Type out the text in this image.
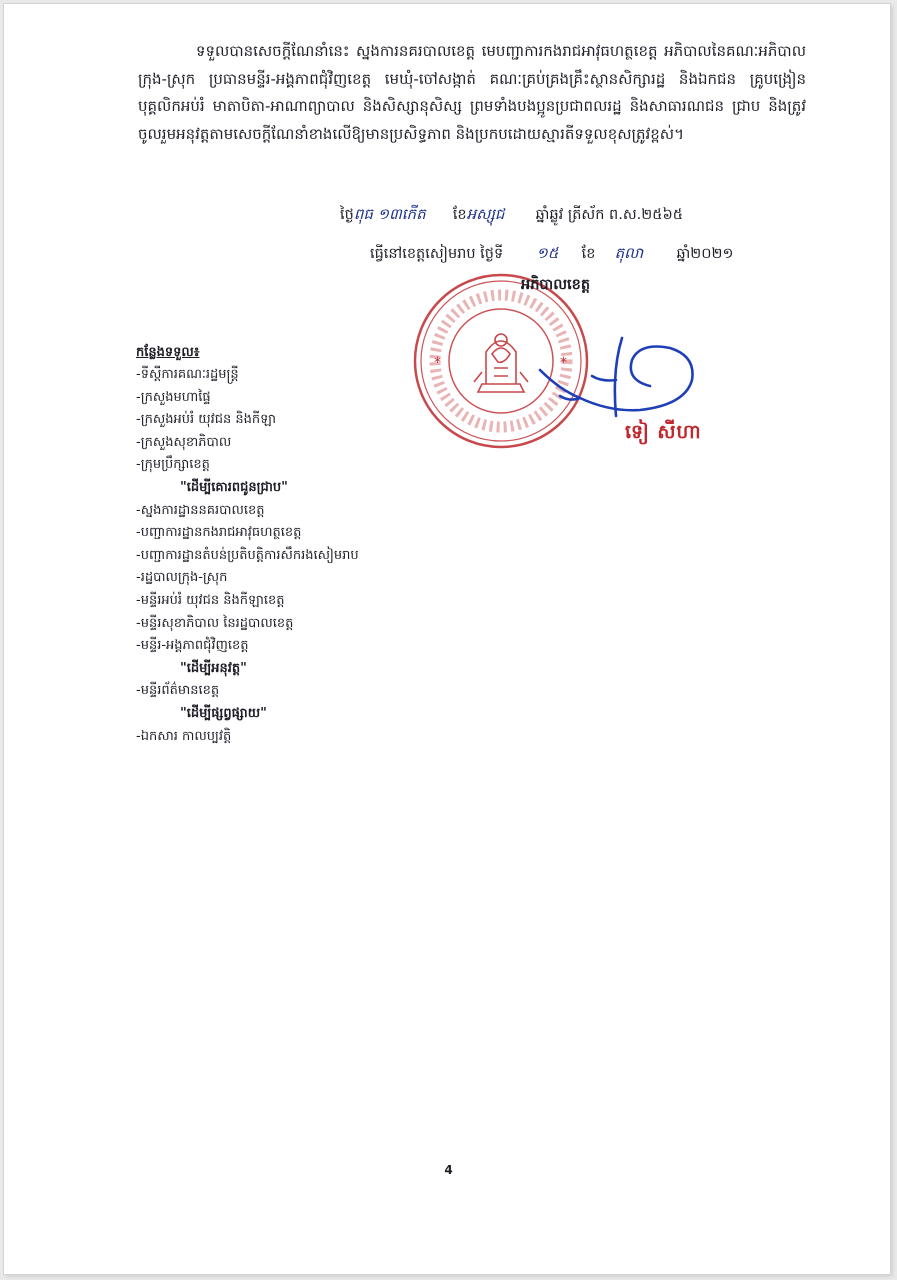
ទទួលបានសេចក្តីណែនាំនេះ ស្នងការនគរបាលខេត្ត មេបញ្ជាការកងរាជអាវុធហត្ថខេត្ត អភិបាលនៃគណៈអភិបាលក្រុង-ស្រុក ប្រធានមន្ទីរ-អង្គភាពជុំវិញខេត្ត មេឃុំ-ចៅសង្កាត់ គណៈគ្រប់គ្រងគ្រឹះស្ថានសិក្សារដ្ឋ និងឯកជន គ្រូបង្រៀន បុគ្គលិកអប់រំ មាតាបិតា-អាណាព្យាបាល និងសិស្សានុសិស្ស ព្រមទាំងបងប្អូនប្រជាពលរដ្ឋ និងសាធារណជន ជ្រាប និងត្រូវចូលរួមអនុវត្តតាមសេចក្តីណែនាំខាងលើឱ្យមានប្រសិទ្ធភាព និងប្រកបដោយស្មារតីទទួលខុសត្រូវខ្ពស់។
ថ្ងៃពុធ ១៣កើត ខែអស្សុជ ឆ្នាំឆ្លូវ ត្រីស័ក ព.ស.២៥៦៥
ធ្វើនៅខេត្តសៀមរាប ថ្ងៃទី ១៥ ខែ តុលា ឆ្នាំ២០២១
*	*
អភិបាលខេត្ត
ទៀ សីហា
កន្លែងទទួល៖
-ទីស្តីការគណៈរដ្ឋមន្ត្រី
-ក្រសួងមហាផ្ទៃ
-ក្រសួងអប់រំ យុវជន និងកីឡា
-ក្រសួងសុខាភិបាល
-ក្រុមប្រឹក្សាខេត្ត
"ដើម្បីគោរពជូនជ្រាប"
-ស្នងការដ្ឋាននគរបាលខេត្ត
-បញ្ជាការដ្ឋានកងរាជអាវុធហត្ថខេត្ត
-បញ្ជាការដ្ឋានតំបន់ប្រតិបត្តិការសឹករងសៀមរាប
-រដ្ឋបាលក្រុង-ស្រុក
-មន្ទីរអប់រំ យុវជន និងកីឡាខេត្ត
-មន្ទីរសុខាភិបាល នៃរដ្ឋបាលខេត្ត
-មន្ទីរ-អង្គភាពជុំវិញខេត្ត
"ដើម្បីអនុវត្ត"
-មន្ទីរព័ត៌មានខេត្ត
"ដើម្បីផ្សព្វផ្សាយ"
-ឯកសារ កាលប្បវត្តិ
4
